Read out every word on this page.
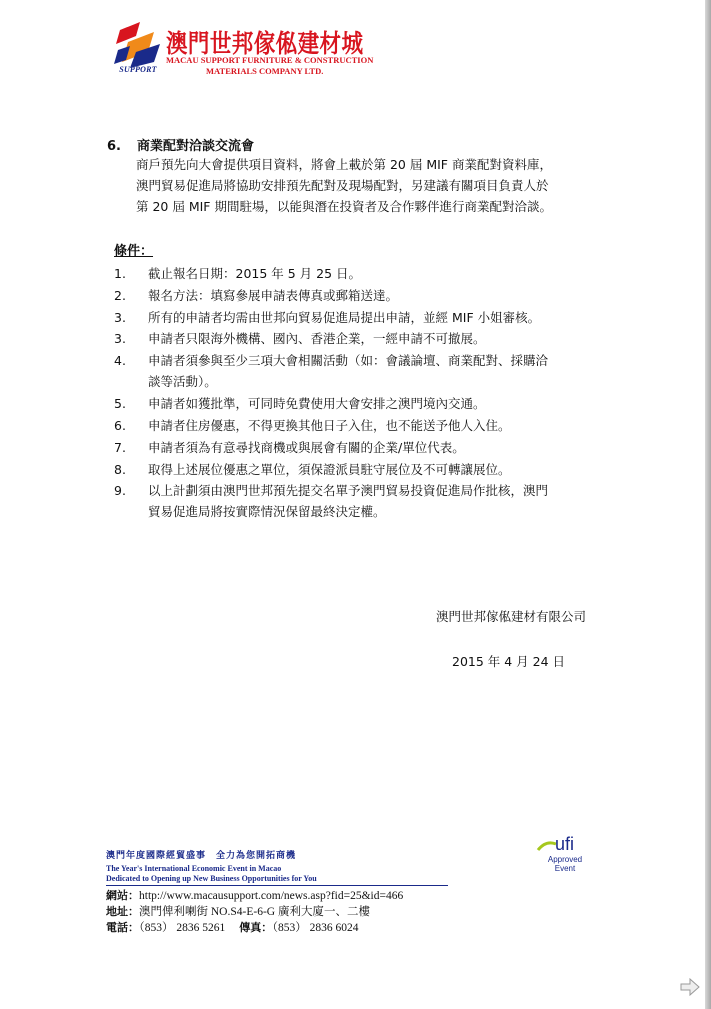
SUPPORT
澳門世邦傢俬建材城
MACAU SUPPORT FURNITURE & CONSTRUCTION
MATERIALS COMPANY LTD.
6. 商業配對洽談交流會
商戶預先向大會提供項目資料，將會上載於第 20 屆 MIF 商業配對資料庫，
澳門貿易促進局將協助安排預先配對及現場配對，另建議有關項目負責人於
第 20 屆 MIF 期間駐場，以能與潛在投資者及合作夥伴進行商業配對洽談。
條件：
1. 截止報名日期：2015 年 5 月 25 日。
2. 報名方法：填寫參展申請表傳真或郵箱送達。
3. 所有的申請者均需由世邦向貿易促進局提出申請，並經 MIF 小姐審核。
3. 申請者只限海外機構、國內、香港企業，一經申請不可撤展。
4. 申請者須參與至少三項大會相關活動（如：會議論壇、商業配對、採購洽
談等活動）。
5. 申請者如獲批準，可同時免費使用大會安排之澳門境內交通。
6. 申請者住房優惠，不得更換其他日子入住，也不能送予他人入住。
7. 申請者須為有意尋找商機或與展會有關的企業/單位代表。
8. 取得上述展位優惠之單位，須保證派員駐守展位及不可轉讓展位。
9. 以上計劃須由澳門世邦預先提交名單予澳門貿易投資促進局作批核，澳門
貿易促進局將按實際情況保留最終決定權。
澳門世邦傢俬建材有限公司
2015 年 4 月 24 日
澳門年度國際經貿盛事　全力為您開拓商機
The Year's International Economic Event in Macao
Dedicated to Opening up New Business Opportunities for You
網站：http://www.macausupport.com/news.asp?fid=25&id=466
地址：澳門俾利喇街 NO.S4-E-6-G 廣利大廈一、二樓
電話：（853） 2836 5261 傳真：（853） 2836 6024
ufi
Approved
Event
